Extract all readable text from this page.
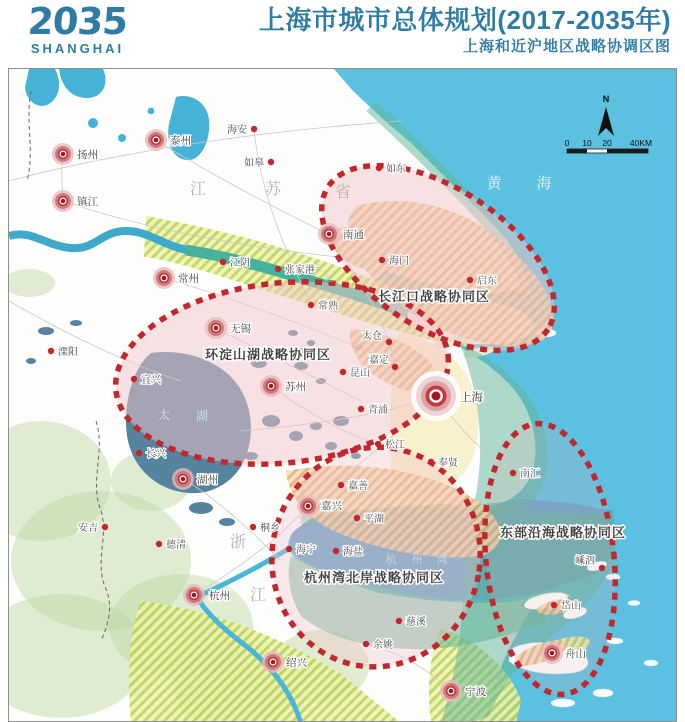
2035
SHANGHAI
上海市城市总体规划(2017-2035年)
上海和近沪地区战略协调区图
江	苏	省
浙
江
黄 海
太 湖
杭 州 湾
长
江
扬州
镇江
泰州
常州
无锡
苏州
南通
湖州
嘉兴
杭州
绍兴
宁波
舟山
海安
如皋
如东
江阴
张家港
常熟
太仓
嘉定
昆山
青浦
松江
奉贤
南汇
溧阳
宜兴
长兴
安吉
德清
桐乡
海宁	海盐
嘉善
平湖
慈溪
余姚
海门
启东
岱山
嵊泗
上海
长江口战略协同区
环淀山湖战略协同区
杭州湾北岸战略协同区
东部沿海战略协同区
N
0 10 20 40KM
